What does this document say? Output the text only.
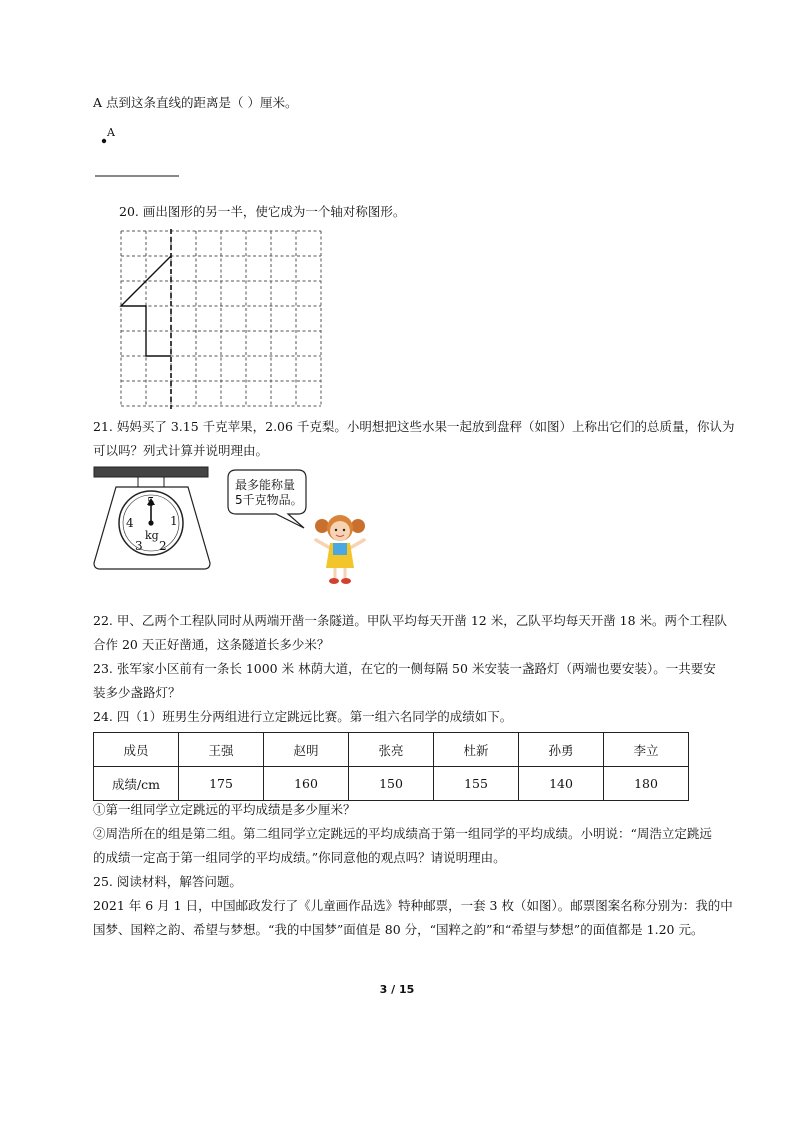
A 点到这条直线的距离是（ ）厘米。
A
20. 画出图形的另一半，使它成为一个轴对称图形。
21. 妈妈买了 3.15 千克苹果，2.06 千克梨。小明想把这些水果一起放到盘秤（如图）上称出它们的总质量，你认为
可以吗？列式计算并说明理由。
5
1
2
3
4
kg
最多能称量
5千克物品。
22. 甲、乙两个工程队同时从两端开凿一条隧道。甲队平均每天开凿 12 米，乙队平均每天开凿 18 米。两个工程队
合作 20 天正好凿通，这条隧道长多少米？
23. 张军家小区前有一条长 1000 米 林荫大道，在它的一侧每隔 50 米安装一盏路灯（两端也要安装）。一共要安
装多少盏路灯？
24. 四（1）班男生分两组进行立定跳远比赛。第一组六名同学的成绩如下。
成员	王强	赵明	张亮	杜新	孙勇	李立
成绩/cm	175	160	150	155	140	180
①第一组同学立定跳远的平均成绩是多少厘米？
②周浩所在的组是第二组。第二组同学立定跳远的平均成绩高于第一组同学的平均成绩。小明说：“周浩立定跳远
的成绩一定高于第一组同学的平均成绩。”你同意他的观点吗？请说明理由。
25. 阅读材料，解答问题。
2021 年 6 月 1 日，中国邮政发行了《儿童画作品选》特种邮票，一套 3 枚（如图）。邮票图案名称分别为：我的中
国梦、国粹之韵、希望与梦想。“我的中国梦”面值是 80 分，“国粹之韵”和“希望与梦想”的面值都是 1.20 元。
3 / 15
